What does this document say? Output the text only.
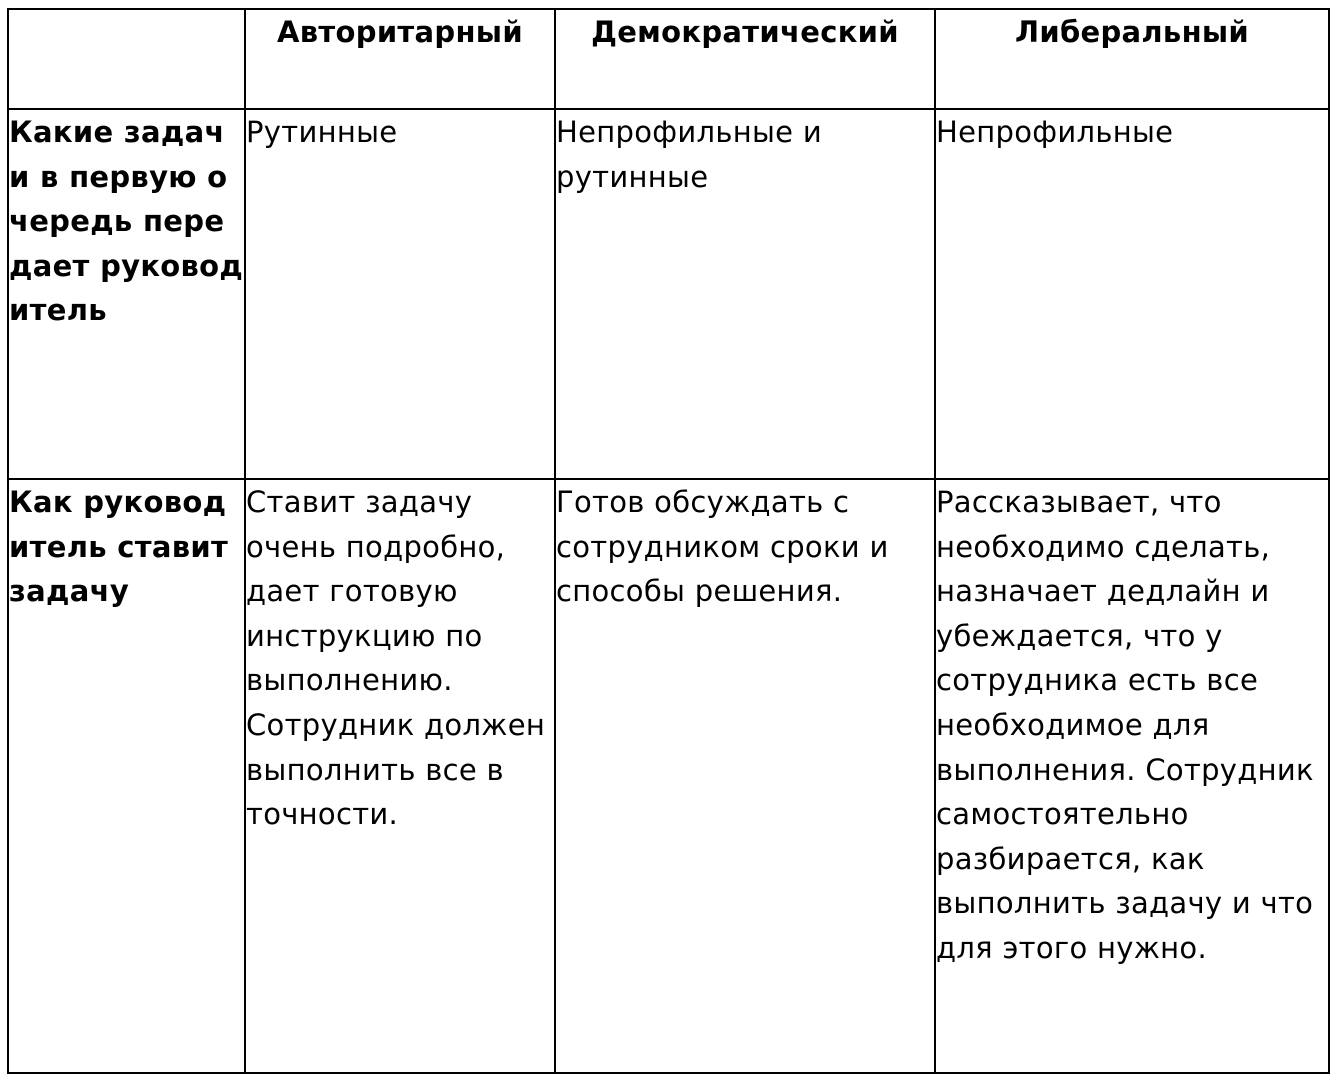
	Авторитарный	Демократический	Либеральный
Какие задачи в первую очередь передает руководитель	Рутинные	Непрофильные и рутинные	Непрофильные
Как руководитель ставит задачу	Ставит задачу очень подробно, дает готовую инструкцию по выполнению. Сотрудник должен выполнить все в точности.	Готов обсуждать с сотрудником сроки и способы решения.	Рассказывает, что необходимо сделать, назначает дедлайн и убеждается, что у сотрудника есть все необходимое для выполнения. Сотрудник самостоятельно разбирается, как выполнить задачу и что для этого нужно.
